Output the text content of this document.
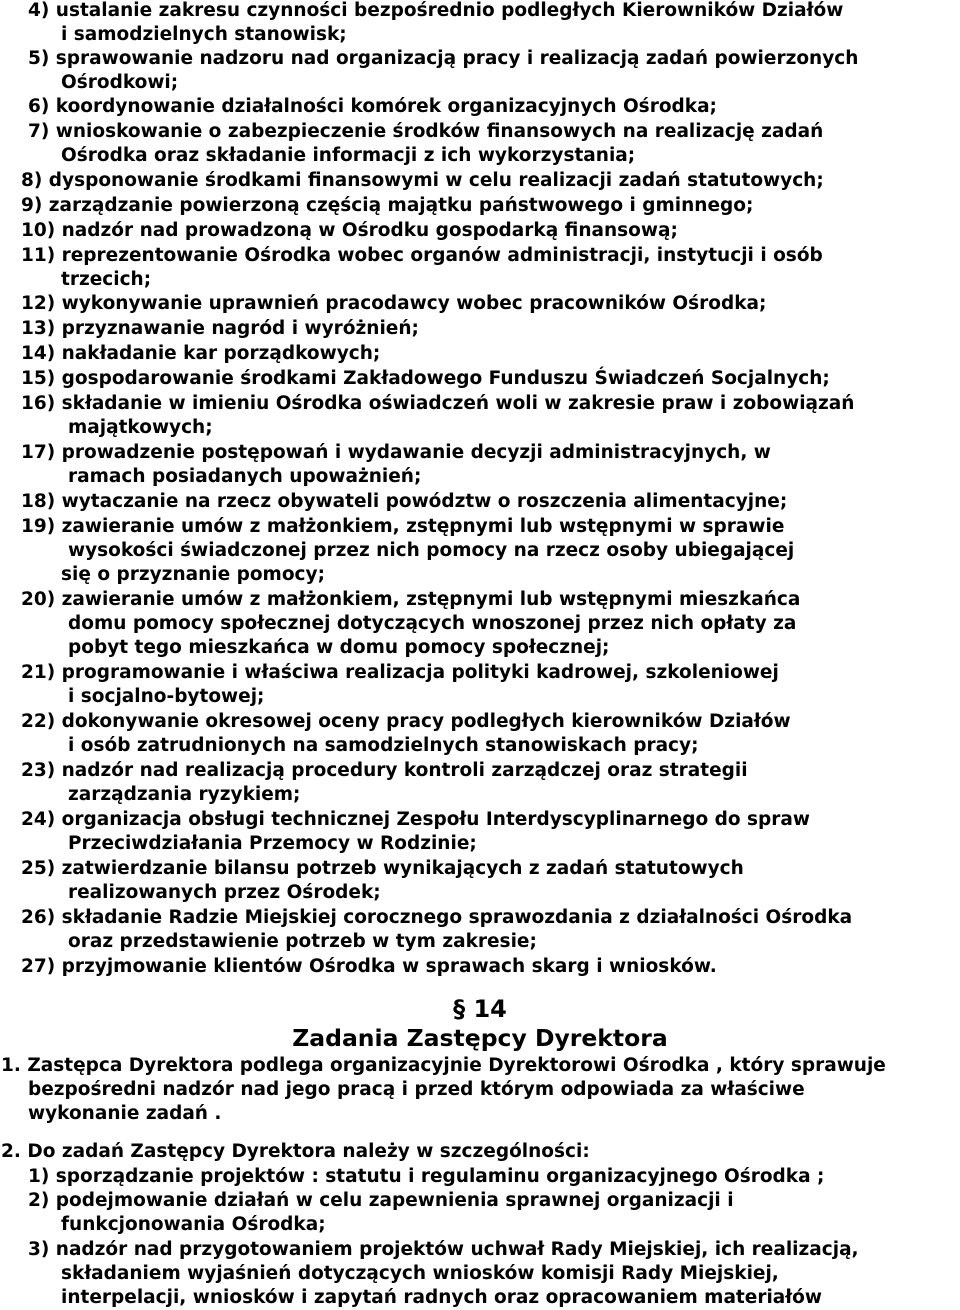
4) ustalanie zakresu czynności bezpośrednio podległych Kierowników Działów
i samodzielnych stanowisk;
5) sprawowanie nadzoru nad organizacją pracy i realizacją zadań powierzonych
Ośrodkowi;
6) koordynowanie działalności komórek organizacyjnych Ośrodka;
7) wnioskowanie o zabezpieczenie środków finansowych na realizację zadań
Ośrodka oraz składanie informacji z ich wykorzystania;
8) dysponowanie środkami finansowymi w celu realizacji zadań statutowych;
9) zarządzanie powierzoną częścią majątku państwowego i gminnego;
10) nadzór nad prowadzoną w Ośrodku gospodarką finansową;
11) reprezentowanie Ośrodka wobec organów administracji, instytucji i osób
trzecich;
12) wykonywanie uprawnień pracodawcy wobec pracowników Ośrodka;
13) przyznawanie nagród i wyróżnień;
14) nakładanie kar porządkowych;
15) gospodarowanie środkami Zakładowego Funduszu Świadczeń Socjalnych;
16) składanie w imieniu Ośrodka oświadczeń woli w zakresie praw i zobowiązań
majątkowych;
17) prowadzenie postępowań i wydawanie decyzji administracyjnych, w
ramach posiadanych upoważnień;
18) wytaczanie na rzecz obywateli powództw o roszczenia alimentacyjne;
19) zawieranie umów z małżonkiem, zstępnymi lub wstępnymi w sprawie
wysokości świadczonej przez nich pomocy na rzecz osoby ubiegającej
się o przyznanie pomocy;
20) zawieranie umów z małżonkiem, zstępnymi lub wstępnymi mieszkańca
domu pomocy społecznej dotyczących wnoszonej przez nich opłaty za
pobyt tego mieszkańca w domu pomocy społecznej;
21) programowanie i właściwa realizacja polityki kadrowej, szkoleniowej
i socjalno-bytowej;
22) dokonywanie okresowej oceny pracy podległych kierowników Działów
i osób zatrudnionych na samodzielnych stanowiskach pracy;
23) nadzór nad realizacją procedury kontroli zarządczej oraz strategii
zarządzania ryzykiem;
24) organizacja obsługi technicznej Zespołu Interdyscyplinarnego do spraw
Przeciwdziałania Przemocy w Rodzinie;
25) zatwierdzanie bilansu potrzeb wynikających z zadań statutowych
realizowanych przez Ośrodek;
26) składanie Radzie Miejskiej corocznego sprawozdania z działalności Ośrodka
oraz przedstawienie potrzeb w tym zakresie;
27) przyjmowanie klientów Ośrodka w sprawach skarg i wniosków.
§ 14
Zadania Zastępcy Dyrektora
1. Zastępca Dyrektora podlega organizacyjnie Dyrektorowi Ośrodka , który sprawuje
bezpośredni nadzór nad jego pracą i przed którym odpowiada za właściwe
wykonanie zadań .
2. Do zadań Zastępcy Dyrektora należy w szczególności:
1) sporządzanie projektów : statutu i regulaminu organizacyjnego Ośrodka ;
2) podejmowanie działań w celu zapewnienia sprawnej organizacji i
funkcjonowania Ośrodka;
3) nadzór nad przygotowaniem projektów uchwał Rady Miejskiej, ich realizacją,
składaniem wyjaśnień dotyczących wniosków komisji Rady Miejskiej,
interpelacji, wniosków i zapytań radnych oraz opracowaniem materiałów
